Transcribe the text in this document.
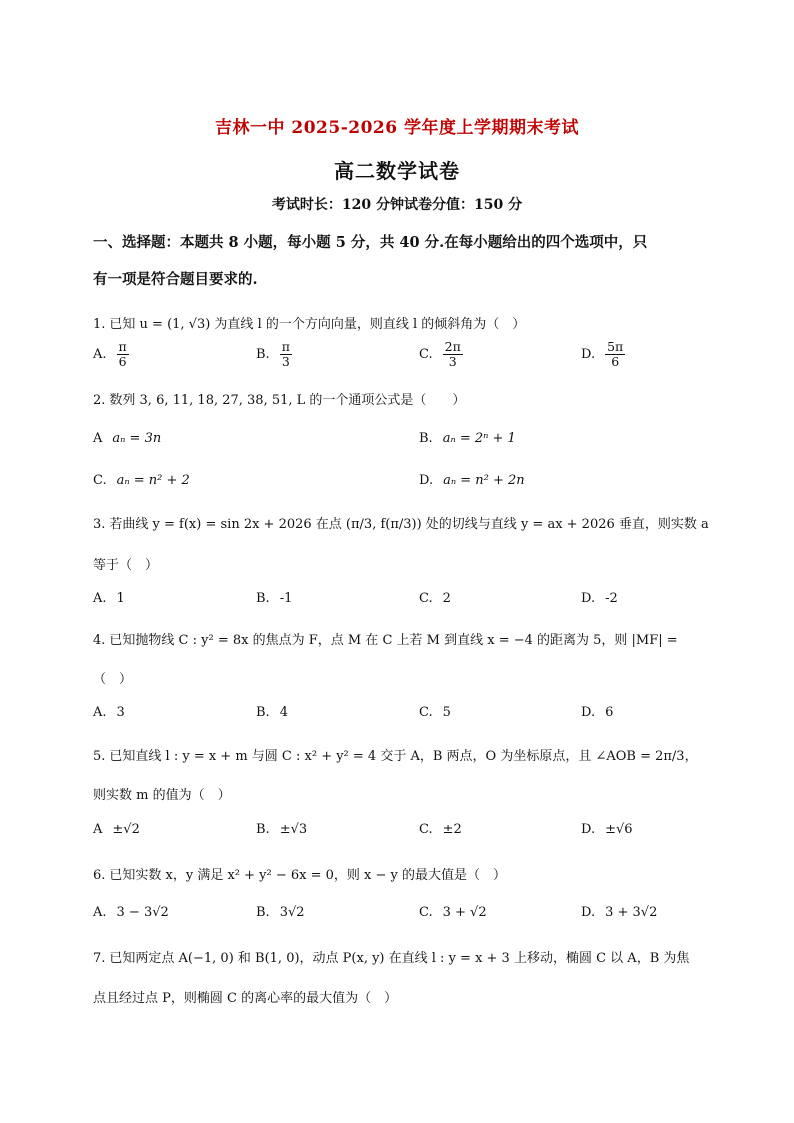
吉林一中 2025-2026 学年度上学期期末考试
高二数学试卷
考试时长：120 分钟试卷分值：150 分
一、选择题：本题共 8 小题，每小题 5 分，共 40 分.在每小题给出的四个选项中，只
有一项是符合题目要求的.
1. 已知 u = (1, √3) 为直线 l 的一个方向向量，则直线 l 的倾斜角为（　）
A. $\frac{\pi}{6}$	B. $\frac{\pi}{3}$	C. $\frac{2\pi}{3}$	D. $\frac{5\pi}{6}$
2. 数列 3, 6, 11, 18, 27, 38, 51, L 的一个通项公式是（　　）
A aₙ = 3n	B. aₙ = 2ⁿ + 1
C. aₙ = n² + 2	D. aₙ = n² + 2n
3. 若曲线 y = f(x) = sin 2x + 2026 在点 (π/3, f(π/3)) 处的切线与直线 y = ax + 2026 垂直，则实数 a
等于（　）
A. 1	B. -1	C. 2	D. -2
4. 已知抛物线 C : y² = 8x 的焦点为 F，点 M 在 C 上若 M 到直线 x = −4 的距离为 5，则 |MF| =
（　）
A. 3	B. 4	C. 5	D. 6
5. 已知直线 l : y = x + m 与圆 C : x² + y² = 4 交于 A，B 两点，O 为坐标原点，且 ∠AOB = 2π/3，
则实数 m 的值为（　）
A ±√2	B. ±√3	C. ±2	D. ±√6
6. 已知实数 x，y 满足 x² + y² − 6x = 0，则 x − y 的最大值是（　）
A. 3 − 3√2	B. 3√2	C. 3 + √2	D. 3 + 3√2
7. 已知两定点 A(−1, 0) 和 B(1, 0)，动点 P(x, y) 在直线 l : y = x + 3 上移动，椭圆 C 以 A，B 为焦
点且经过点 P，则椭圆 C 的离心率的最大值为（　）
